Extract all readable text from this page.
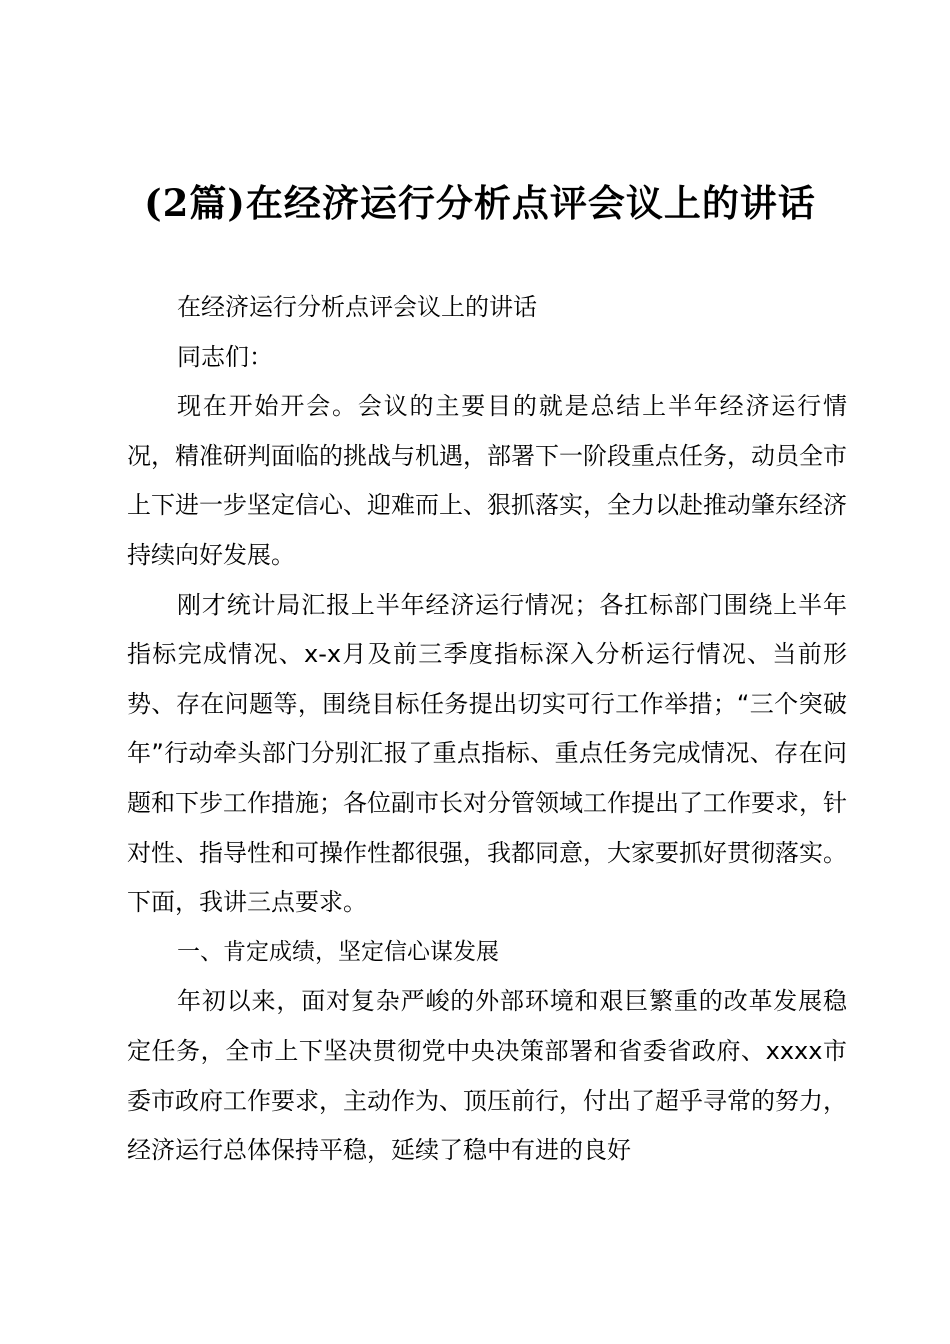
(2篇)在经济运行分析点评会议上的讲话

在经济运行分析点评会议上的讲话

同志们：

现在开始开会。会议的主要目的就是总结上半年经济运行情况，精准研判面临的挑战与机遇，部署下一阶段重点任务，动员全市上下进一步坚定信心、迎难而上、狠抓落实，全力以赴推动肇东经济持续向好发展。

刚才统计局汇报上半年经济运行情况；各扛标部门围绕上半年指标完成情况、x-x月及前三季度指标深入分析运行情况、当前形势、存在问题等，围绕目标任务提出切实可行工作举措；“三个突破年”行动牵头部门分别汇报了重点指标、重点任务完成情况、存在问题和下步工作措施；各位副市长对分管领域工作提出了工作要求，针对性、指导性和可操作性都很强，我都同意，大家要抓好贯彻落实。下面，我讲三点要求。

一、肯定成绩，坚定信心谋发展

年初以来，面对复杂严峻的外部环境和艰巨繁重的改革发展稳定任务，全市上下坚决贯彻党中央决策部署和省委省政府、xxxx市委市政府工作要求，主动作为、顶压前行，付出了超乎寻常的努力，经济运行总体保持平稳，延续了稳中有进的良好
